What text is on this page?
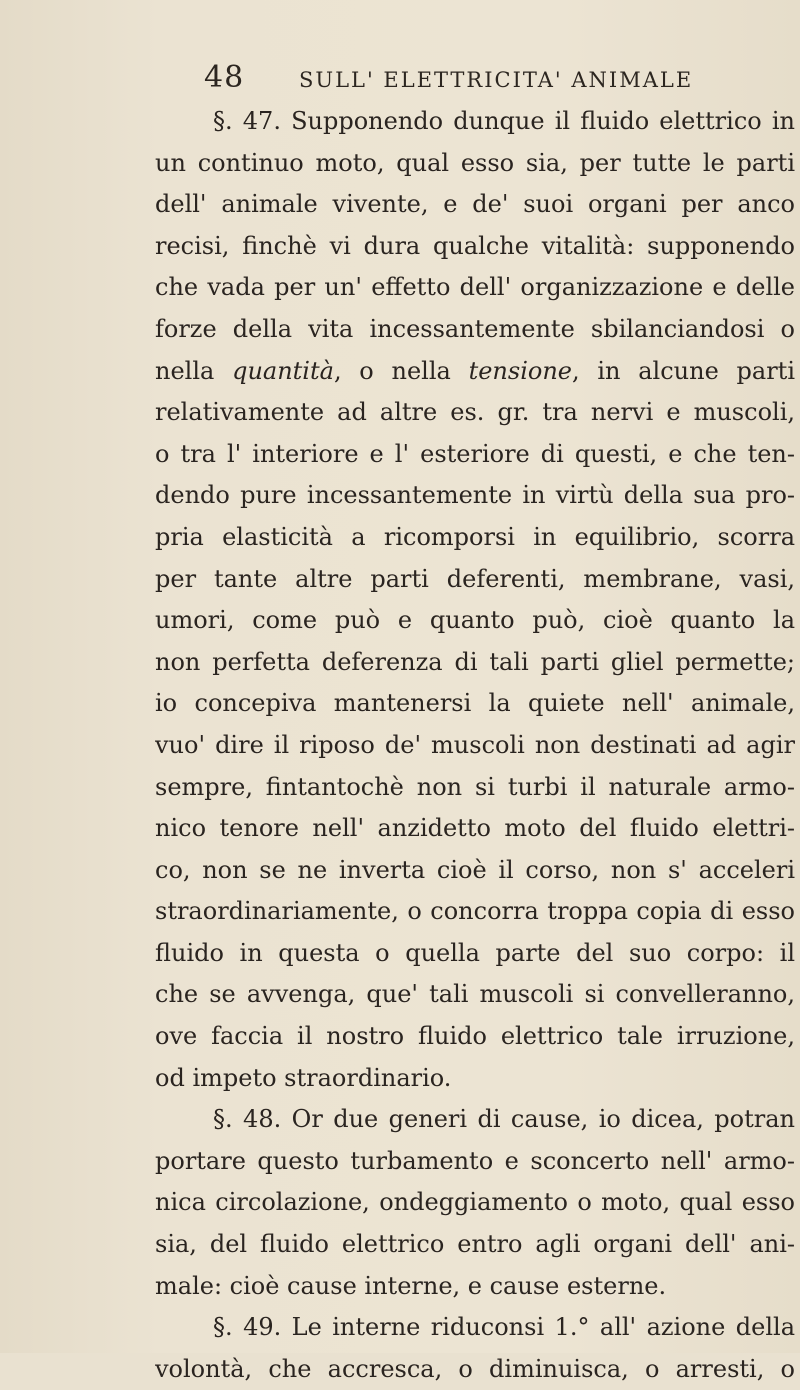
48	SULL' ELETTRICITA' ANIMALE
§. 47. Supponendo dunque il fluido elettrico in
un continuo moto, qual esso sia, per tutte le parti
dell' animale vivente, e de' suoi organi per anco
recisi, finchè vi dura qualche vitalità: supponendo
che vada per un' effetto dell' organizzazione e delle
forze della vita incessantemente sbilanciandosi o
nella quantità, o nella tensione, in alcune parti
relativamente ad altre es. gr. tra nervi e muscoli,
o tra l' interiore e l' esteriore di questi, e che ten-
dendo pure incessantemente in virtù della sua pro-
pria elasticità a ricomporsi in equilibrio, scorra
per tante altre parti deferenti, membrane, vasi,
umori, come può e quanto può, cioè quanto la
non perfetta deferenza di tali parti gliel permette;
io concepiva mantenersi la quiete nell' animale,
vuo' dire il riposo de' muscoli non destinati ad agir
sempre, fintantochè non si turbi il naturale armo-
nico tenore nell' anzidetto moto del fluido elettri-
co, non se ne inverta cioè il corso, non s' acceleri
straordinariamente, o concorra troppa copia di esso
fluido in questa o quella parte del suo corpo: il
che se avvenga, que' tali muscoli si convelleranno,
ove faccia il nostro fluido elettrico tale irruzione,
od impeto straordinario.
§. 48. Or due generi di cause, io dicea, potran
portare questo turbamento e sconcerto nell' armo-
nica circolazione, ondeggiamento o moto, qual esso
sia, del fluido elettrico entro agli organi dell' ani-
male: cioè cause interne, e cause esterne.
§. 49. Le interne riduconsi 1.° all' azione della
volontà, che accresca, o diminuisca, o arresti, o
